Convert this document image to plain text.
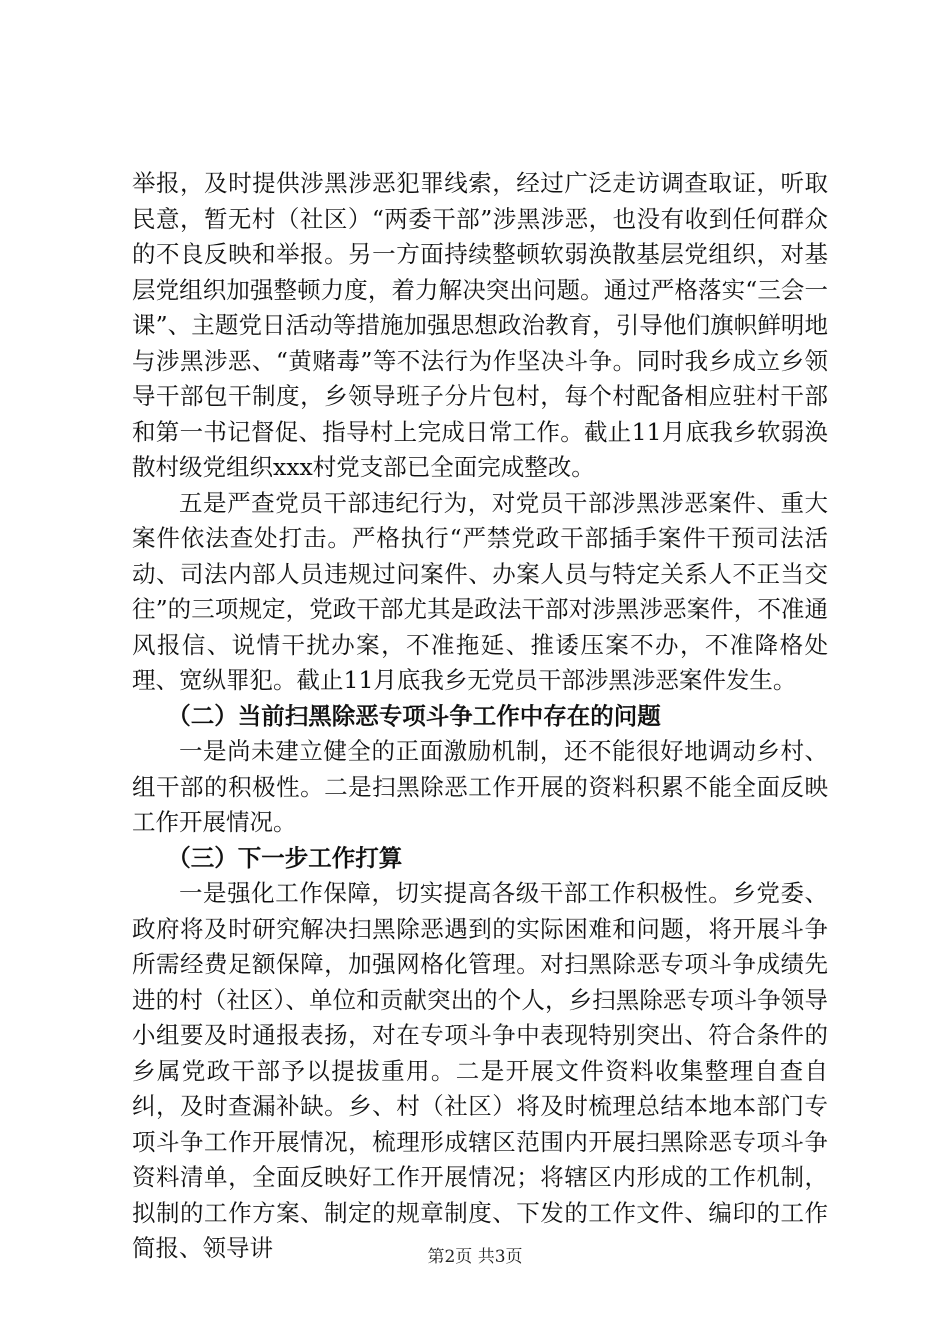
举报，及时提供涉黑涉恶犯罪线索，经过广泛走访调查取证，听取民意，暂无村（社区）“两委干部”涉黑涉恶，也没有收到任何群众的不良反映和举报。另一方面持续整顿软弱涣散基层党组织，对基层党组织加强整顿力度，着力解决突出问题。通过严格落实“三会一课”、主题党日活动等措施加强思想政治教育，引导他们旗帜鲜明地与涉黑涉恶、“黄赌毒”等不法行为作坚决斗争。同时我乡成立乡领导干部包干制度，乡领导班子分片包村，每个村配备相应驻村干部和第一书记督促、指导村上完成日常工作。截止11月底我乡软弱涣散村级党组织xxx村党支部已全面完成整改。

五是严查党员干部违纪行为，对党员干部涉黑涉恶案件、重大案件依法查处打击。严格执行“严禁党政干部插手案件干预司法活动、司法内部人员违规过问案件、办案人员与特定关系人不正当交往”的三项规定，党政干部尤其是政法干部对涉黑涉恶案件，不准通风报信、说情干扰办案，不准拖延、推诿压案不办，不准降格处理、宽纵罪犯。截止11月底我乡无党员干部涉黑涉恶案件发生。

（二）当前扫黑除恶专项斗争工作中存在的问题

一是尚未建立健全的正面激励机制，还不能很好地调动乡村、组干部的积极性。二是扫黑除恶工作开展的资料积累不能全面反映工作开展情况。

（三）下一步工作打算

一是强化工作保障，切实提高各级干部工作积极性。乡党委、政府将及时研究解决扫黑除恶遇到的实际困难和问题，将开展斗争所需经费足额保障，加强网格化管理。对扫黑除恶专项斗争成绩先进的村（社区）、单位和贡献突出的个人，乡扫黑除恶专项斗争领导小组要及时通报表扬，对在专项斗争中表现特别突出、符合条件的乡属党政干部予以提拔重用。二是开展文件资料收集整理自查自纠，及时查漏补缺。乡、村（社区）将及时梳理总结本地本部门专项斗争工作开展情况，梳理形成辖区范围内开展扫黑除恶专项斗争资料清单，全面反映好工作开展情况；将辖区内形成的工作机制，拟制的工作方案、制定的规章制度、下发的工作文件、编印的工作简报、领导讲	第2页 共3页
